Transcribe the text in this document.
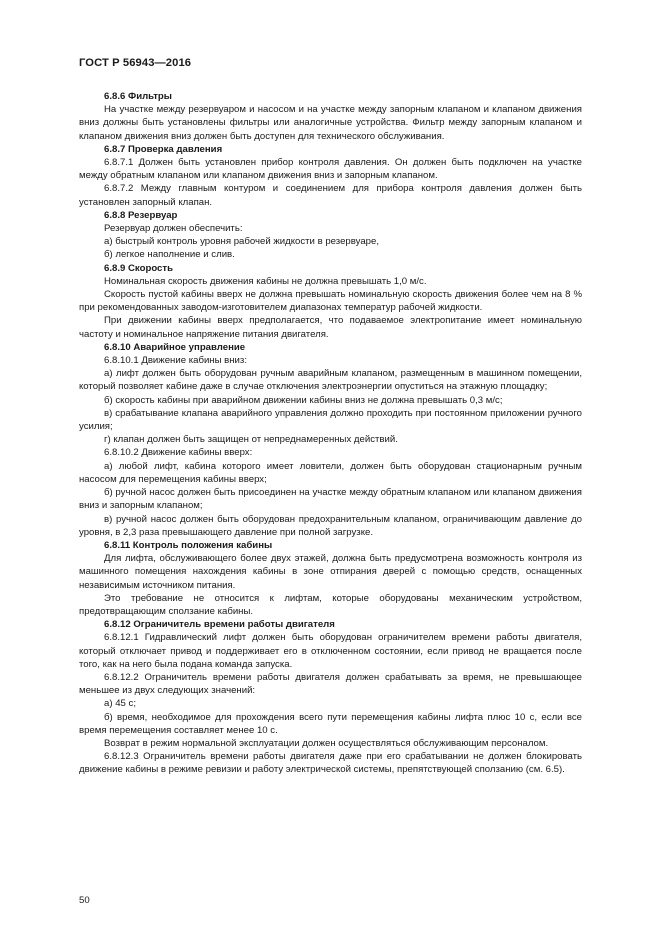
ГОСТ Р 56943—2016

6.8.6 Фильтры

На участке между резервуаром и насосом и на участке между запорным клапаном и клапаном движения вниз должны быть установлены фильтры или аналогичные устройства. Фильтр между запорным клапаном и клапаном движения вниз должен быть доступен для технического обслуживания.

6.8.7 Проверка давления

6.8.7.1 Должен быть установлен прибор контроля давления. Он должен быть подключен на участке между обратным клапаном или клапаном движения вниз и запорным клапаном.

6.8.7.2 Между главным контуром и соединением для прибора контроля давления должен быть установлен запорный клапан.

6.8.8 Резервуар

Резервуар должен обеспечить:

а) быстрый контроль уровня рабочей жидкости в резервуаре,

б) легкое наполнение и слив.

6.8.9 Скорость

Номинальная скорость движения кабины не должна превышать 1,0 м/с.

Скорость пустой кабины вверх не должна превышать номинальную скорость движения более чем на 8 % при рекомендованных заводом-изготовителем диапазонах температур рабочей жидкости.

При движении кабины вверх предполагается, что подаваемое электропитание имеет номинальную частоту и номинальное напряжение питания двигателя.

6.8.10 Аварийное управление

6.8.10.1 Движение кабины вниз:

а) лифт должен быть оборудован ручным аварийным клапаном, размещенным в машинном помещении, который позволяет кабине даже в случае отключения электроэнергии опуститься на этажную площадку;

б) скорость кабины при аварийном движении кабины вниз не должна превышать 0,3 м/с;

в) срабатывание клапана аварийного управления должно проходить при постоянном приложении ручного усилия;

г) клапан должен быть защищен от непреднамеренных действий.

6.8.10.2 Движение кабины вверх:

а) любой лифт, кабина которого имеет ловители, должен быть оборудован стационарным ручным насосом для перемещения кабины вверх;

б) ручной насос должен быть присоединен на участке между обратным клапаном или клапаном движения вниз и запорным клапаном;

в) ручной насос должен быть оборудован предохранительным клапаном, ограничивающим давление до уровня, в 2,3 раза превышающего давление при полной загрузке.

6.8.11 Контроль положения кабины

Для лифта, обслуживающего более двух этажей, должна быть предусмотрена возможность контроля из машинного помещения нахождения кабины в зоне отпирания дверей с помощью средств, оснащенных независимым источником питания.

Это требование не относится к лифтам, которые оборудованы механическим устройством, предотвращающим сползание кабины.

6.8.12 Ограничитель времени работы двигателя

6.8.12.1 Гидравлический лифт должен быть оборудован ограничителем времени работы двигателя, который отключает привод и поддерживает его в отключенном состоянии, если привод не вращается после того, как на него была подана команда запуска.

6.8.12.2 Ограничитель времени работы двигателя должен срабатывать за время, не превышающее меньшее из двух следующих значений:

а) 45 с;

б) время, необходимое для прохождения всего пути перемещения кабины лифта плюс 10 с, если все время перемещения составляет менее 10 с.

Возврат в режим нормальной эксплуатации должен осуществляться обслуживающим персоналом.

6.8.12.3 Ограничитель времени работы двигателя даже при его срабатывании не должен блокировать движение кабины в режиме ревизии и работу электрической системы, препятствующей сползанию (см. 6.5).

50
